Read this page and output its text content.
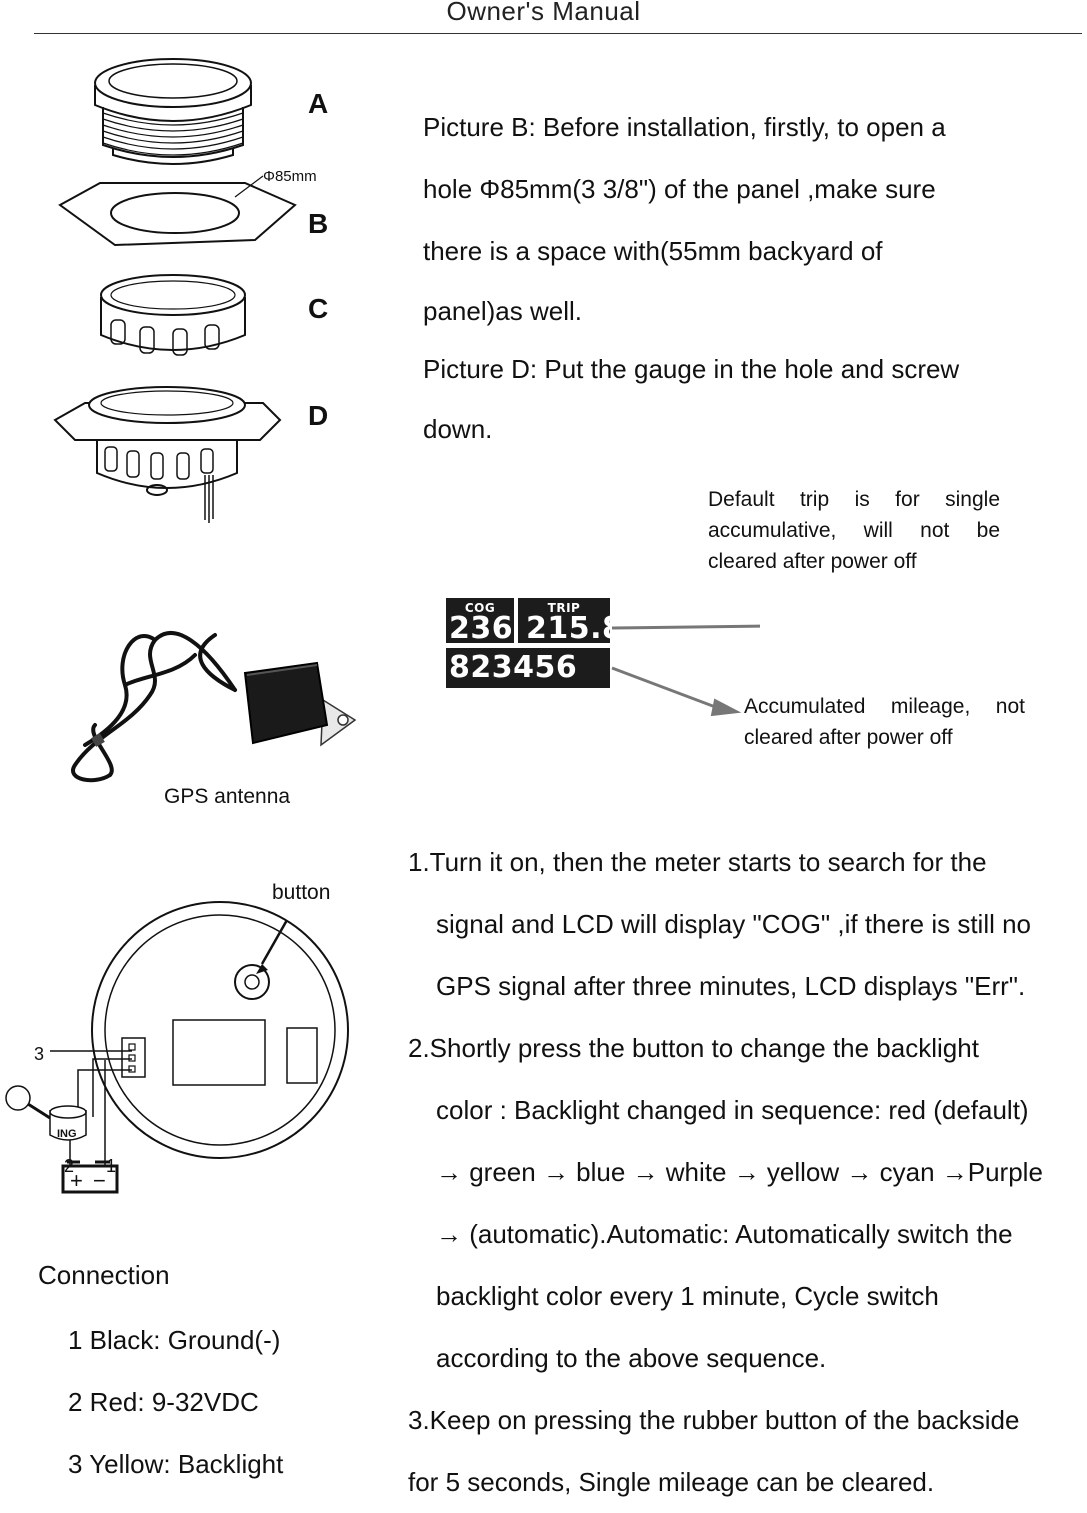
Owner's Manual
Φ85mm
A
B
C
D
Picture B: Before installation, firstly, to open a
hole Φ85mm(3 3/8") of the panel ,make sure
there is a space with(55mm backyard of
panel)as well.
Picture D: Put the gauge in the hole and screw
down.
Default trip is for single
accumulative, will not be
cleared after power off
COG
236
TRIP
215.8
823456 MI	Accumulated mileage, not
cleared after power off
GPS antenna
3
2 1
ING
+ −
button
Connection
1 Black: Ground(-)
2 Red: 9-32VDC
3 Yellow: Backlight
1.Turn it on, then the meter starts to search for the
signal and LCD will display "COG" ,if there is still no
GPS signal after three minutes, LCD displays "Err".
2.Shortly press the button to change the backlight
color : Backlight changed in sequence: red (default)
→ green → blue → white → yellow → cyan →Purple
→ (automatic).Automatic: Automatically switch the
backlight color every 1 minute, Cycle switch
according to the above sequence.
3.Keep on pressing the rubber button of the backside
for 5 seconds, Single mileage can be cleared.
